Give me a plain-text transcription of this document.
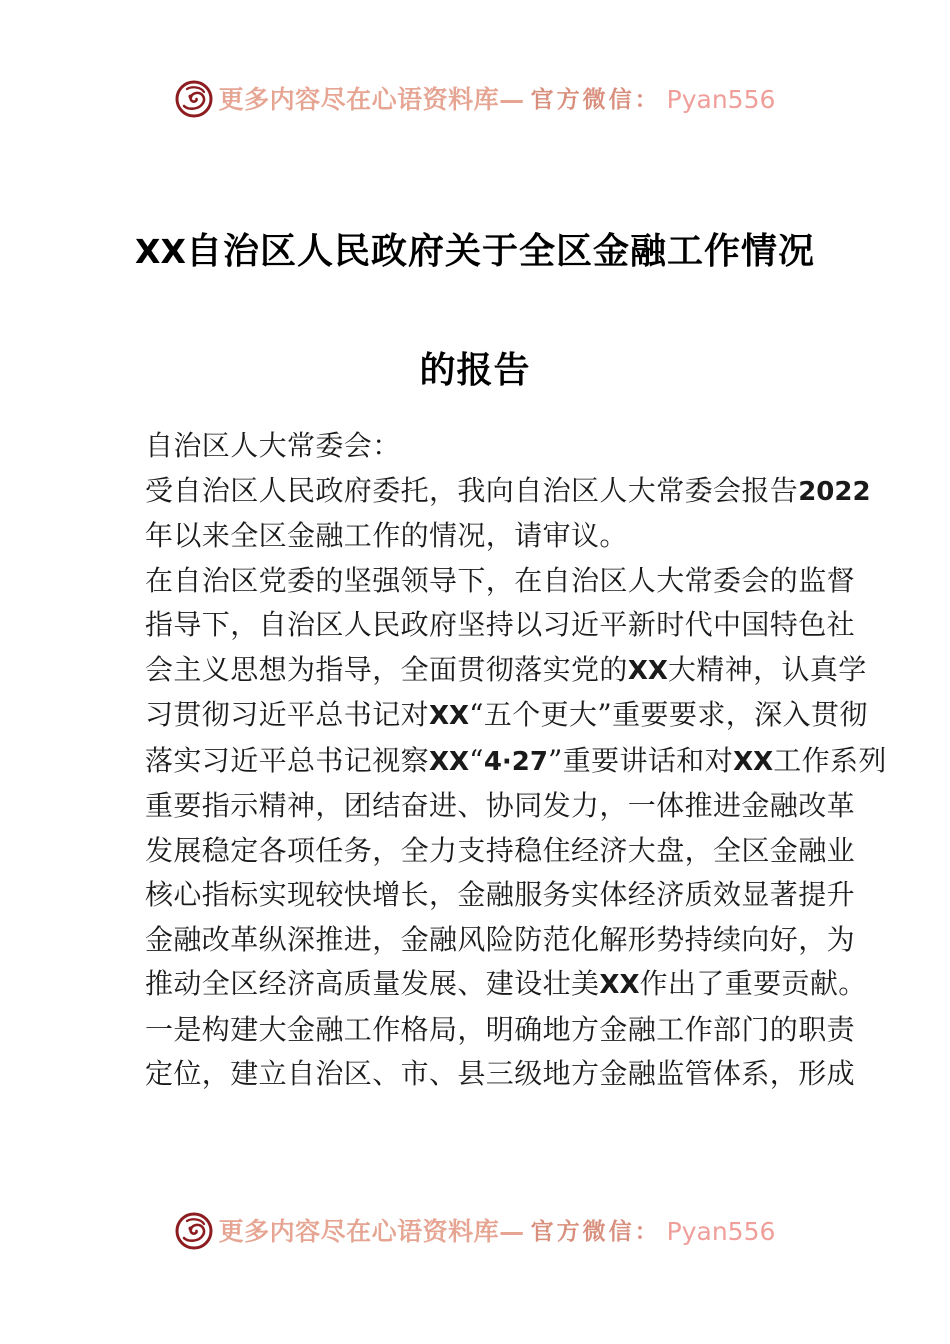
更多内容尽在心语资料库— 官方微信： Pyan556
XX自治区人民政府关于全区金融工作情况
的报告
自治区人大常委会：
受自治区人民政府委托，我向自治区人大常委会报告2022
年以来全区金融工作的情况，请审议。
在自治区党委的坚强领导下，在自治区人大常委会的监督
指导下，自治区人民政府坚持以习近平新时代中国特色社
会主义思想为指导，全面贯彻落实党的XX大精神，认真学
习贯彻习近平总书记对XX“五个更大”重要要求，深入贯彻
落实习近平总书记视察XX“4·27”重要讲话和对XX工作系列
重要指示精神，团结奋进、协同发力，一体推进金融改革
发展稳定各项任务，全力支持稳住经济大盘，全区金融业
核心指标实现较快增长，金融服务实体经济质效显著提升
金融改革纵深推进，金融风险防范化解形势持续向好，为
推动全区经济高质量发展、建设壮美XX作出了重要贡献。
一是构建大金融工作格局，明确地方金融工作部门的职责
定位，建立自治区、市、县三级地方金融监管体系，形成
更多内容尽在心语资料库— 官方微信： Pyan556
